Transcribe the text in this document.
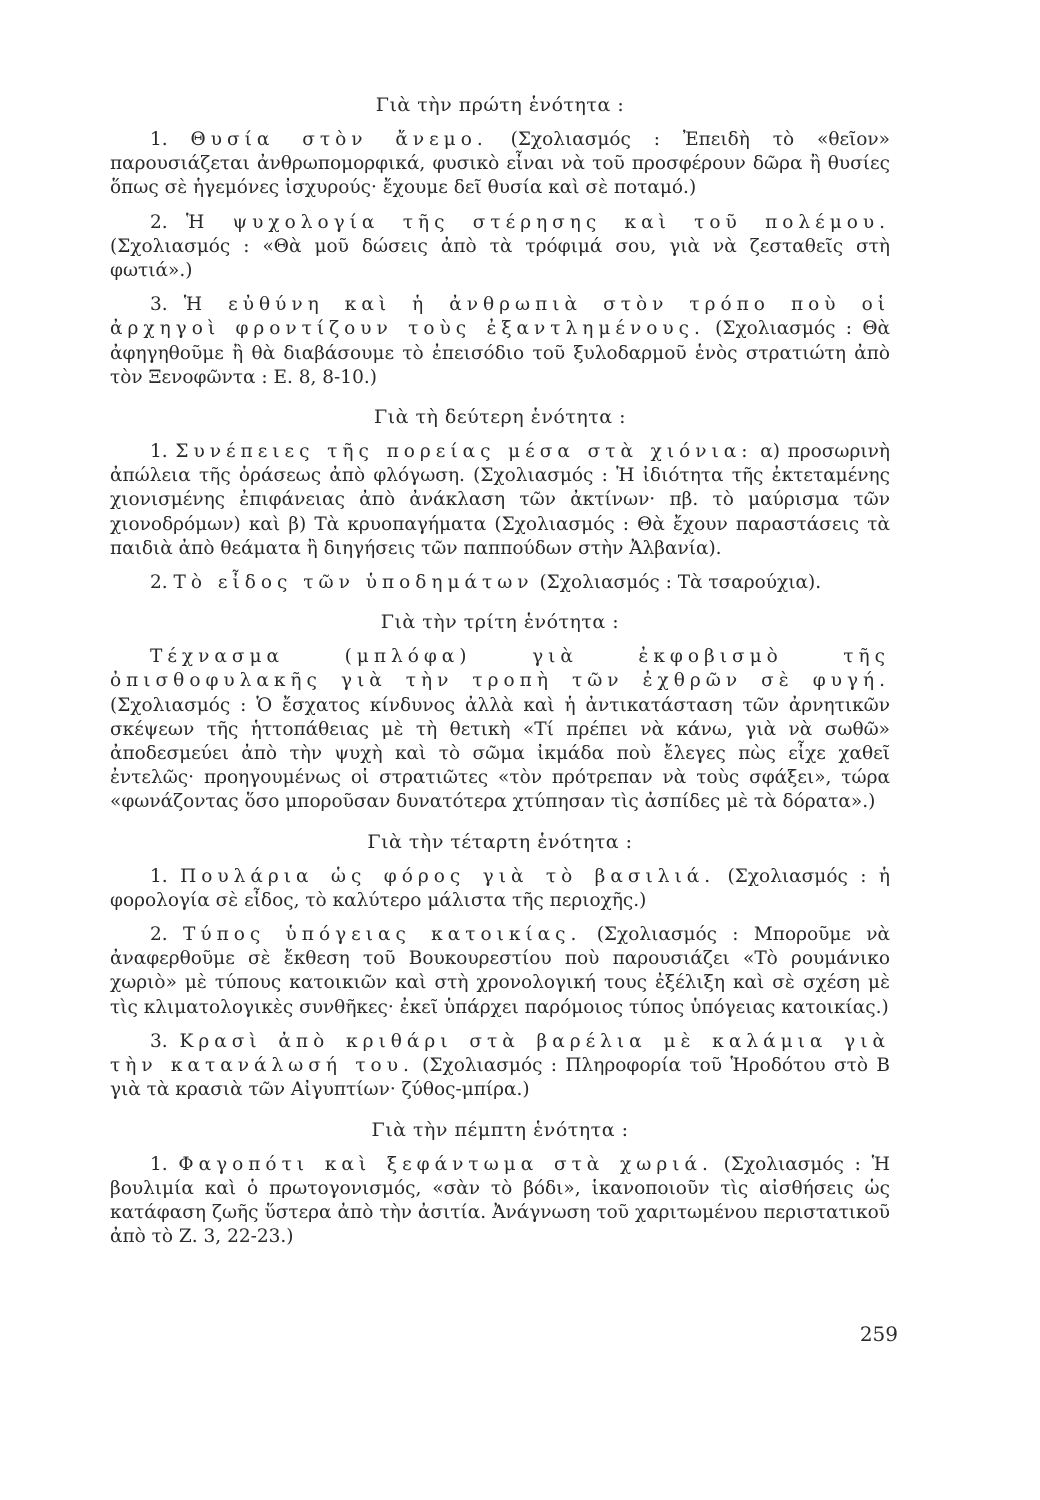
Γιὰ τὴν πρώτη ἑνότητα :

1. Θυσία στὸν ἄνεμο. (Σχολιασμός : Ἐπειδὴ τὸ «θεῖον» παρουσιάζεται ἀνθρωπομορφικά, φυσικὸ εἶναι νὰ τοῦ προσφέρουν δῶρα ἢ θυσίες ὅπως σὲ ἡγεμόνες ἰσχυρούς· ἔχουμε δεῖ θυσία καὶ σὲ ποταμό.)

2. Ἡ ψυχολογία τῆς στέρησης καὶ τοῦ πολέμου. (Σχολιασμός : «Θὰ μοῦ δώσεις ἀπὸ τὰ τρόφιμά σου, γιὰ νὰ ζεσταθεῖς στὴ φωτιά».)

3. Ἡ εὐθύνη καὶ ἡ ἀνθρωπιὰ στὸν τρόπο ποὺ οἱ ἀρχηγοὶ φροντίζουν τοὺς ἐξαντλημένους. (Σχολιασμός : Θὰ ἀφηγηθοῦμε ἢ θὰ διαβάσουμε τὸ ἐπεισόδιο τοῦ ξυλοδαρμοῦ ἑνὸς στρατιώτη ἀπὸ τὸν Ξενοφῶντα : Ε. 8, 8-10.)

Γιὰ τὴ δεύτερη ἑνότητα :

1. Συνέπειες τῆς πορείας μέσα στὰ χιόνια: α) προσωρινὴ ἀπώλεια τῆς ὁράσεως ἀπὸ φλόγωση. (Σχολιασμός : Ἡ ἰδιότητα τῆς ἐκτεταμένης χιονισμένης ἐπιφάνειας ἀπὸ ἀνάκλαση τῶν ἀκτίνων· πβ. τὸ μαύρισμα τῶν χιονοδρόμων) καὶ β) Τὰ κρυοπαγήματα (Σχολιασμός : Θὰ ἔχουν παραστάσεις τὰ παιδιὰ ἀπὸ θεάματα ἢ διηγήσεις τῶν παππούδων στὴν Ἀλβανία).

2. Τὸ εἶδος τῶν ὑποδημάτων (Σχολιασμός : Τὰ τσαρούχια).

Γιὰ τὴν τρίτη ἑνότητα :

Τέχνασμα (μπλόφα) γιὰ ἐκφοβισμὸ τῆς ὀπισθοφυλακῆς γιὰ τὴν τροπὴ τῶν ἐχθρῶν σὲ φυγή. (Σχολιασμός : Ὁ ἔσχατος κίνδυνος ἀλλὰ καὶ ἡ ἀντικατάσταση τῶν ἀρνητικῶν σκέψεων τῆς ἡττοπάθειας μὲ τὴ θετικὴ «Τί πρέπει νὰ κάνω, γιὰ νὰ σωθῶ» ἀποδεσμεύει ἀπὸ τὴν ψυχὴ καὶ τὸ σῶμα ἰκμάδα ποὺ ἔλεγες πὼς εἶχε χαθεῖ ἐντελῶς· προηγουμένως οἱ στρατιῶτες «τὸν πρότρεπαν νὰ τοὺς σφάξει», τώρα «φωνάζοντας ὅσο μποροῦσαν δυνατότερα χτύπησαν τὶς ἀσπίδες μὲ τὰ δόρατα».)

Γιὰ τὴν τέταρτη ἑνότητα :

1. Πουλάρια ὡς φόρος γιὰ τὸ βασιλιά. (Σχολιασμός : ἡ φορολογία σὲ εἶδος, τὸ καλύτερο μάλιστα τῆς περιοχῆς.)

2. Τύπος ὑπόγειας κατοικίας. (Σχολιασμός : Μποροῦμε νὰ ἀναφερθοῦμε σὲ ἔκθεση τοῦ Βουκουρεστίου ποὺ παρουσιάζει «Τὸ ρουμάνικο χωριὸ» μὲ τύπους κατοικιῶν καὶ στὴ χρονολογική τους ἐξέλιξη καὶ σὲ σχέση μὲ τὶς κλιματολογικὲς συνθῆκες· ἐκεῖ ὑπάρχει παρόμοιος τύπος ὑπόγειας κατοικίας.)

3. Κρασὶ ἀπὸ κριθάρι στὰ βαρέλια μὲ καλάμια γιὰ τὴν κατανάλωσή του. (Σχολιασμός : Πληροφορία τοῦ Ἡροδότου στὸ Β γιὰ τὰ κρασιὰ τῶν Αἰγυπτίων· ζύθος-μπίρα.)

Γιὰ τὴν πέμπτη ἑνότητα :

1. Φαγοπότι καὶ ξεφάντωμα στὰ χωριά. (Σχολιασμός : Ἡ βουλιμία καὶ ὁ πρωτογονισμός, «σὰν τὸ βόδι», ἱκανοποιοῦν τὶς αἰσθήσεις ὡς κατάφαση ζωῆς ὕστερα ἀπὸ τὴν ἀσιτία. Ἀνάγνωση τοῦ χαριτωμένου περιστατικοῦ ἀπὸ τὸ Ζ. 3, 22-23.)

259
